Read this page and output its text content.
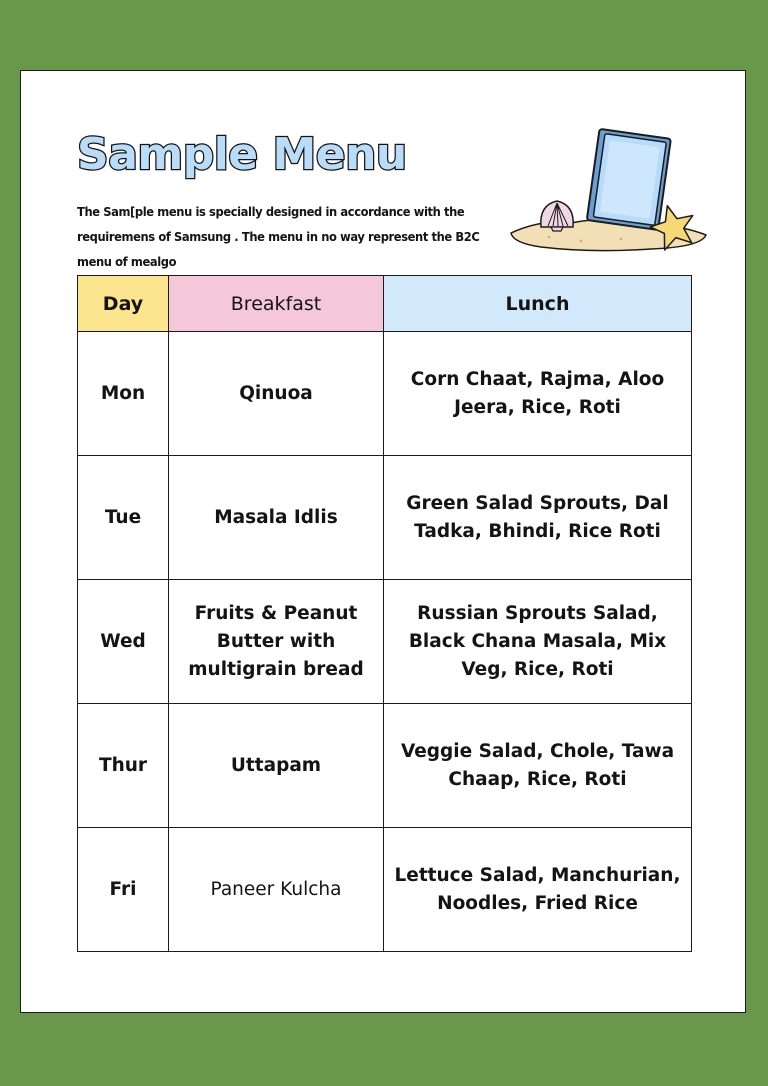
Sample Menu
The Sam[ple menu is specially designed in accordance with the requiremens of Samsung . The menu in no way represent the B2C menu of mealgo
Day	Breakfast	Lunch
Mon	Qinuoa	Corn Chaat, Rajma, Aloo Jeera, Rice, Roti
Tue	Masala Idlis	Green Salad Sprouts, Dal Tadka, Bhindi, Rice Roti
Wed	Fruits & Peanut Butter with multigrain bread	Russian Sprouts Salad, Black Chana Masala, Mix Veg, Rice, Roti
Thur	Uttapam	Veggie Salad, Chole, Tawa Chaap, Rice, Roti
Fri	Paneer Kulcha	Lettuce Salad, Manchurian, Noodles, Fried Rice
